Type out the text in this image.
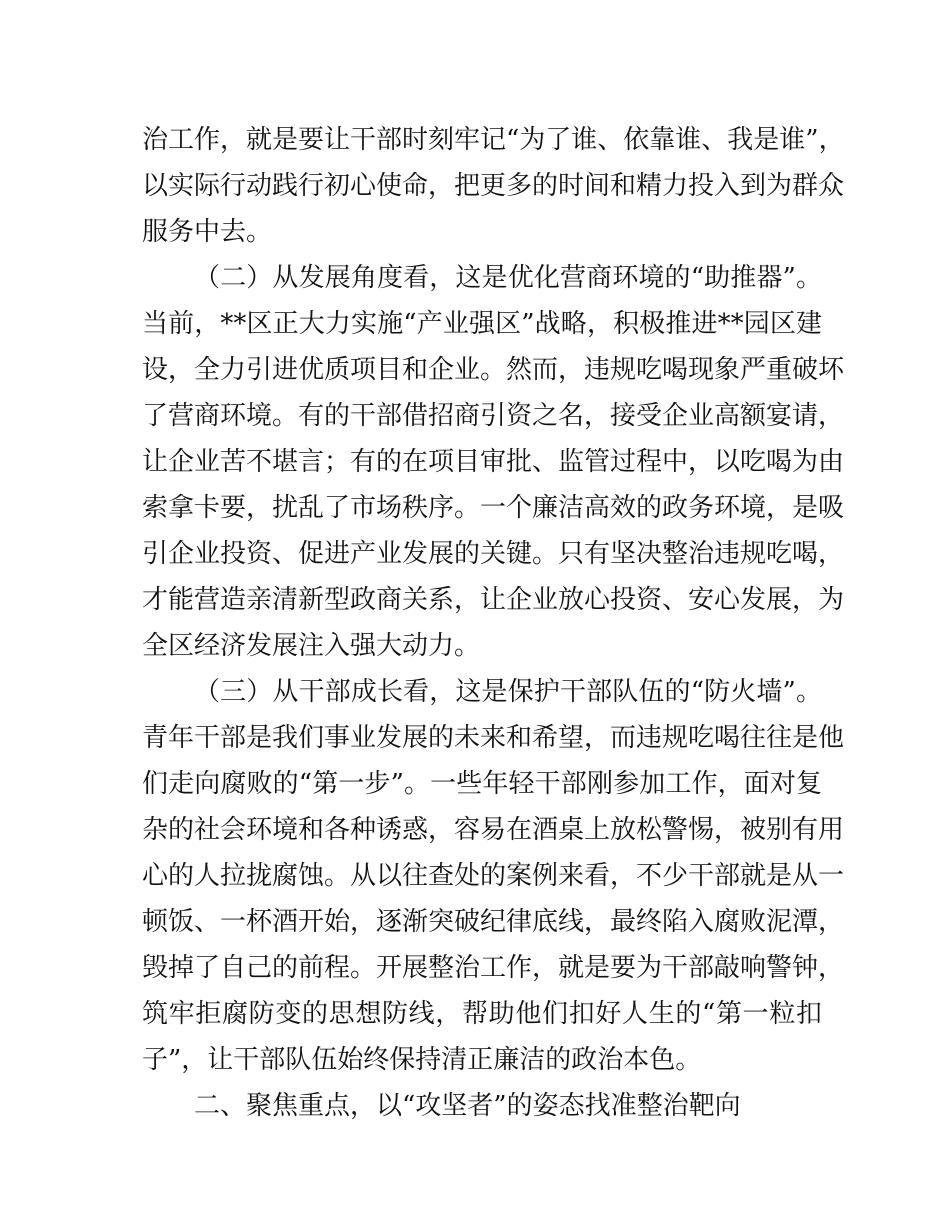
治工作，就是要让干部时刻牢记“为了谁、依靠谁、我是谁”，
以实际行动践行初心使命，把更多的时间和精力投入到为群众
服务中去。
（二）从发展角度看，这是优化营商环境的“助推器”。
当前，**区正大力实施“产业强区”战略，积极推进**园区建
设，全力引进优质项目和企业。然而，违规吃喝现象严重破坏
了营商环境。有的干部借招商引资之名，接受企业高额宴请，
让企业苦不堪言；有的在项目审批、监管过程中，以吃喝为由
索拿卡要，扰乱了市场秩序。一个廉洁高效的政务环境，是吸
引企业投资、促进产业发展的关键。只有坚决整治违规吃喝，
才能营造亲清新型政商关系，让企业放心投资、安心发展，为
全区经济发展注入强大动力。
（三）从干部成长看，这是保护干部队伍的“防火墙”。
青年干部是我们事业发展的未来和希望，而违规吃喝往往是他
们走向腐败的“第一步”。一些年轻干部刚参加工作，面对复
杂的社会环境和各种诱惑，容易在酒桌上放松警惕，被别有用
心的人拉拢腐蚀。从以往查处的案例来看，不少干部就是从一
顿饭、一杯酒开始，逐渐突破纪律底线，最终陷入腐败泥潭，
毁掉了自己的前程。开展整治工作，就是要为干部敲响警钟，
筑牢拒腐防变的思想防线，帮助他们扣好人生的“第一粒扣
子”，让干部队伍始终保持清正廉洁的政治本色。
二、聚焦重点，以“攻坚者”的姿态找准整治靶向
